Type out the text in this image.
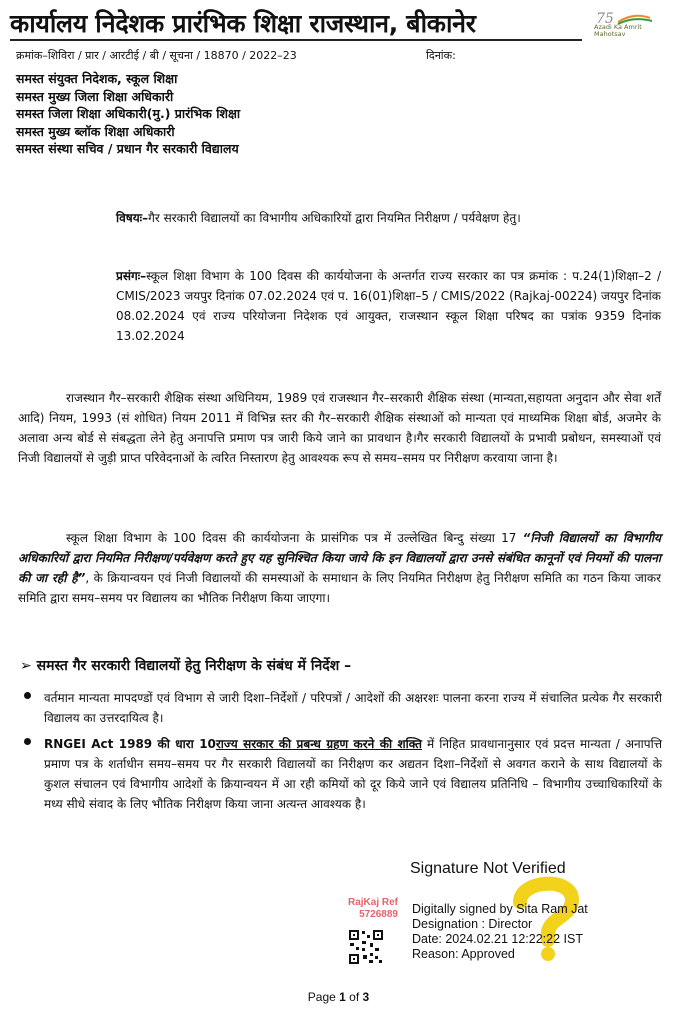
कार्यालय निदेशक प्रारंभिक शिक्षा राजस्थान, बीकानेर	75
Azadi Ka Amrit Mahotsav
क्रमांक–शिविरा / प्रार / आरटीई / बी / सूचना / 18870 / 2022–23	दिनांक:
समस्त संयुक्त निदेशक, स्कूल शिक्षा
समस्त मुख्य जिला शिक्षा अधिकारी
समस्त जिला शिक्षा अधिकारी(मु.) प्रारंभिक शिक्षा
समस्त मुख्य ब्लॉक शिक्षा अधिकारी
समस्त संस्था सचिव / प्रधान गैर सरकारी विद्यालय
विषयः–गैर सरकारी विद्यालयों का विभागीय अधिकारियों द्वारा नियमित निरीक्षण / पर्यवेक्षण हेतु।
प्रसंगः–स्कूल शिक्षा विभाग के 100 दिवस की कार्ययोजना के अन्तर्गत राज्य सरकार का पत्र क्रमांक : प.24(1)शिक्षा–2 / CMIS/2023 जयपुर दिनांक 07.02.2024 एवं प. 16(01)शिक्षा–5 / CMIS/2022 (Rajkaj-00224) जयपुर दिनांक 08.02.2024 एवं राज्य परियोजना निदेशक एवं आयुक्त, राजस्थान स्कूल शिक्षा परिषद का पत्रांक 9359 दिनांक 13.02.2024
राजस्थान गैर–सरकारी शैक्षिक संस्था अधिनियम, 1989 एवं राजस्थान गैर–सरकारी शैक्षिक संस्था (मान्यता,सहायता अनुदान और सेवा शर्तें आदि) नियम, 1993 (सं शोधित) नियम 2011 में विभिन्न स्तर की गैर–सरकारी शैक्षिक संस्थाओं को मान्यता एवं माध्यमिक शिक्षा बोर्ड, अजमेर के अलावा अन्य बोर्ड से संबद्धता लेने हेतु अनापत्ति प्रमाण पत्र जारी किये जाने का प्रावधान है।गैर सरकारी विद्यालयों के प्रभावी प्रबोधन, समस्याओं एवं निजी विद्यालयों से जुड़ी प्राप्त परिवेदनाओं के त्वरित निस्तारण हेतु आवश्यक रूप से समय–समय पर निरीक्षण करवाया जाना है।
स्कूल शिक्षा विभाग के 100 दिवस की कार्ययोजना के प्रासंगिक पत्र में उल्लेखित बिन्दु संख्या 17 “निजी विद्यालयों का विभागीय अधिकारियों द्वारा नियमित निरीक्षण/पर्यवेक्षण करते हुए यह सुनिश्चित किया जाये कि इन विद्यालयों द्वारा उनसे संबंधित कानूनों एवं नियमों की पालना की जा रही है”, के क्रियान्वयन एवं निजी विद्यालयों की समस्याओं के समाधान के लिए नियमित निरीक्षण हेतु निरीक्षण समिति का गठन किया जाकर समिति द्वारा समय–समय पर विद्यालय का भौतिक निरीक्षण किया जाएगा।
➢ समस्त गैर सरकारी विद्यालयों हेतु निरीक्षण के संबंध में निर्देश –
वर्तमान मान्यता मापदण्डों एवं विभाग से जारी दिशा–निर्देशों / परिपत्रों / आदेशों की अक्षरशः पालना करना राज्य में संचालित प्रत्येक गैर सरकारी विद्यालय का उत्तरदायित्व है।
RNGEI Act 1989 की धारा 10राज्य सरकार की प्रबन्ध ग्रहण करने की शक्ति में निहित प्रावधानानुसार एवं प्रदत्त मान्यता / अनापत्ति प्रमाण पत्र के शर्ताधीन समय–समय पर गैर सरकारी विद्यालयों का निरीक्षण कर अद्यतन दिशा–निर्देशों से अवगत कराने के साथ विद्यालयों के कुशल संचालन एवं विभागीय आदेशों के क्रियान्वयन में आ रही कमियों को दूर किये जाने एवं विद्यालय प्रतिनिधि – विभागीय उच्चाधिकारियों के मध्य सीधे संवाद के लिए भौतिक निरीक्षण किया जाना अत्यन्त आवश्यक है।
RajKaj Ref
5726889
Signature Not Verified
Digitally signed by Sita Ram Jat
Designation : Director
Date: 2024.02.21 12:22:22 IST
Reason: Approved
Page 1 of 3
